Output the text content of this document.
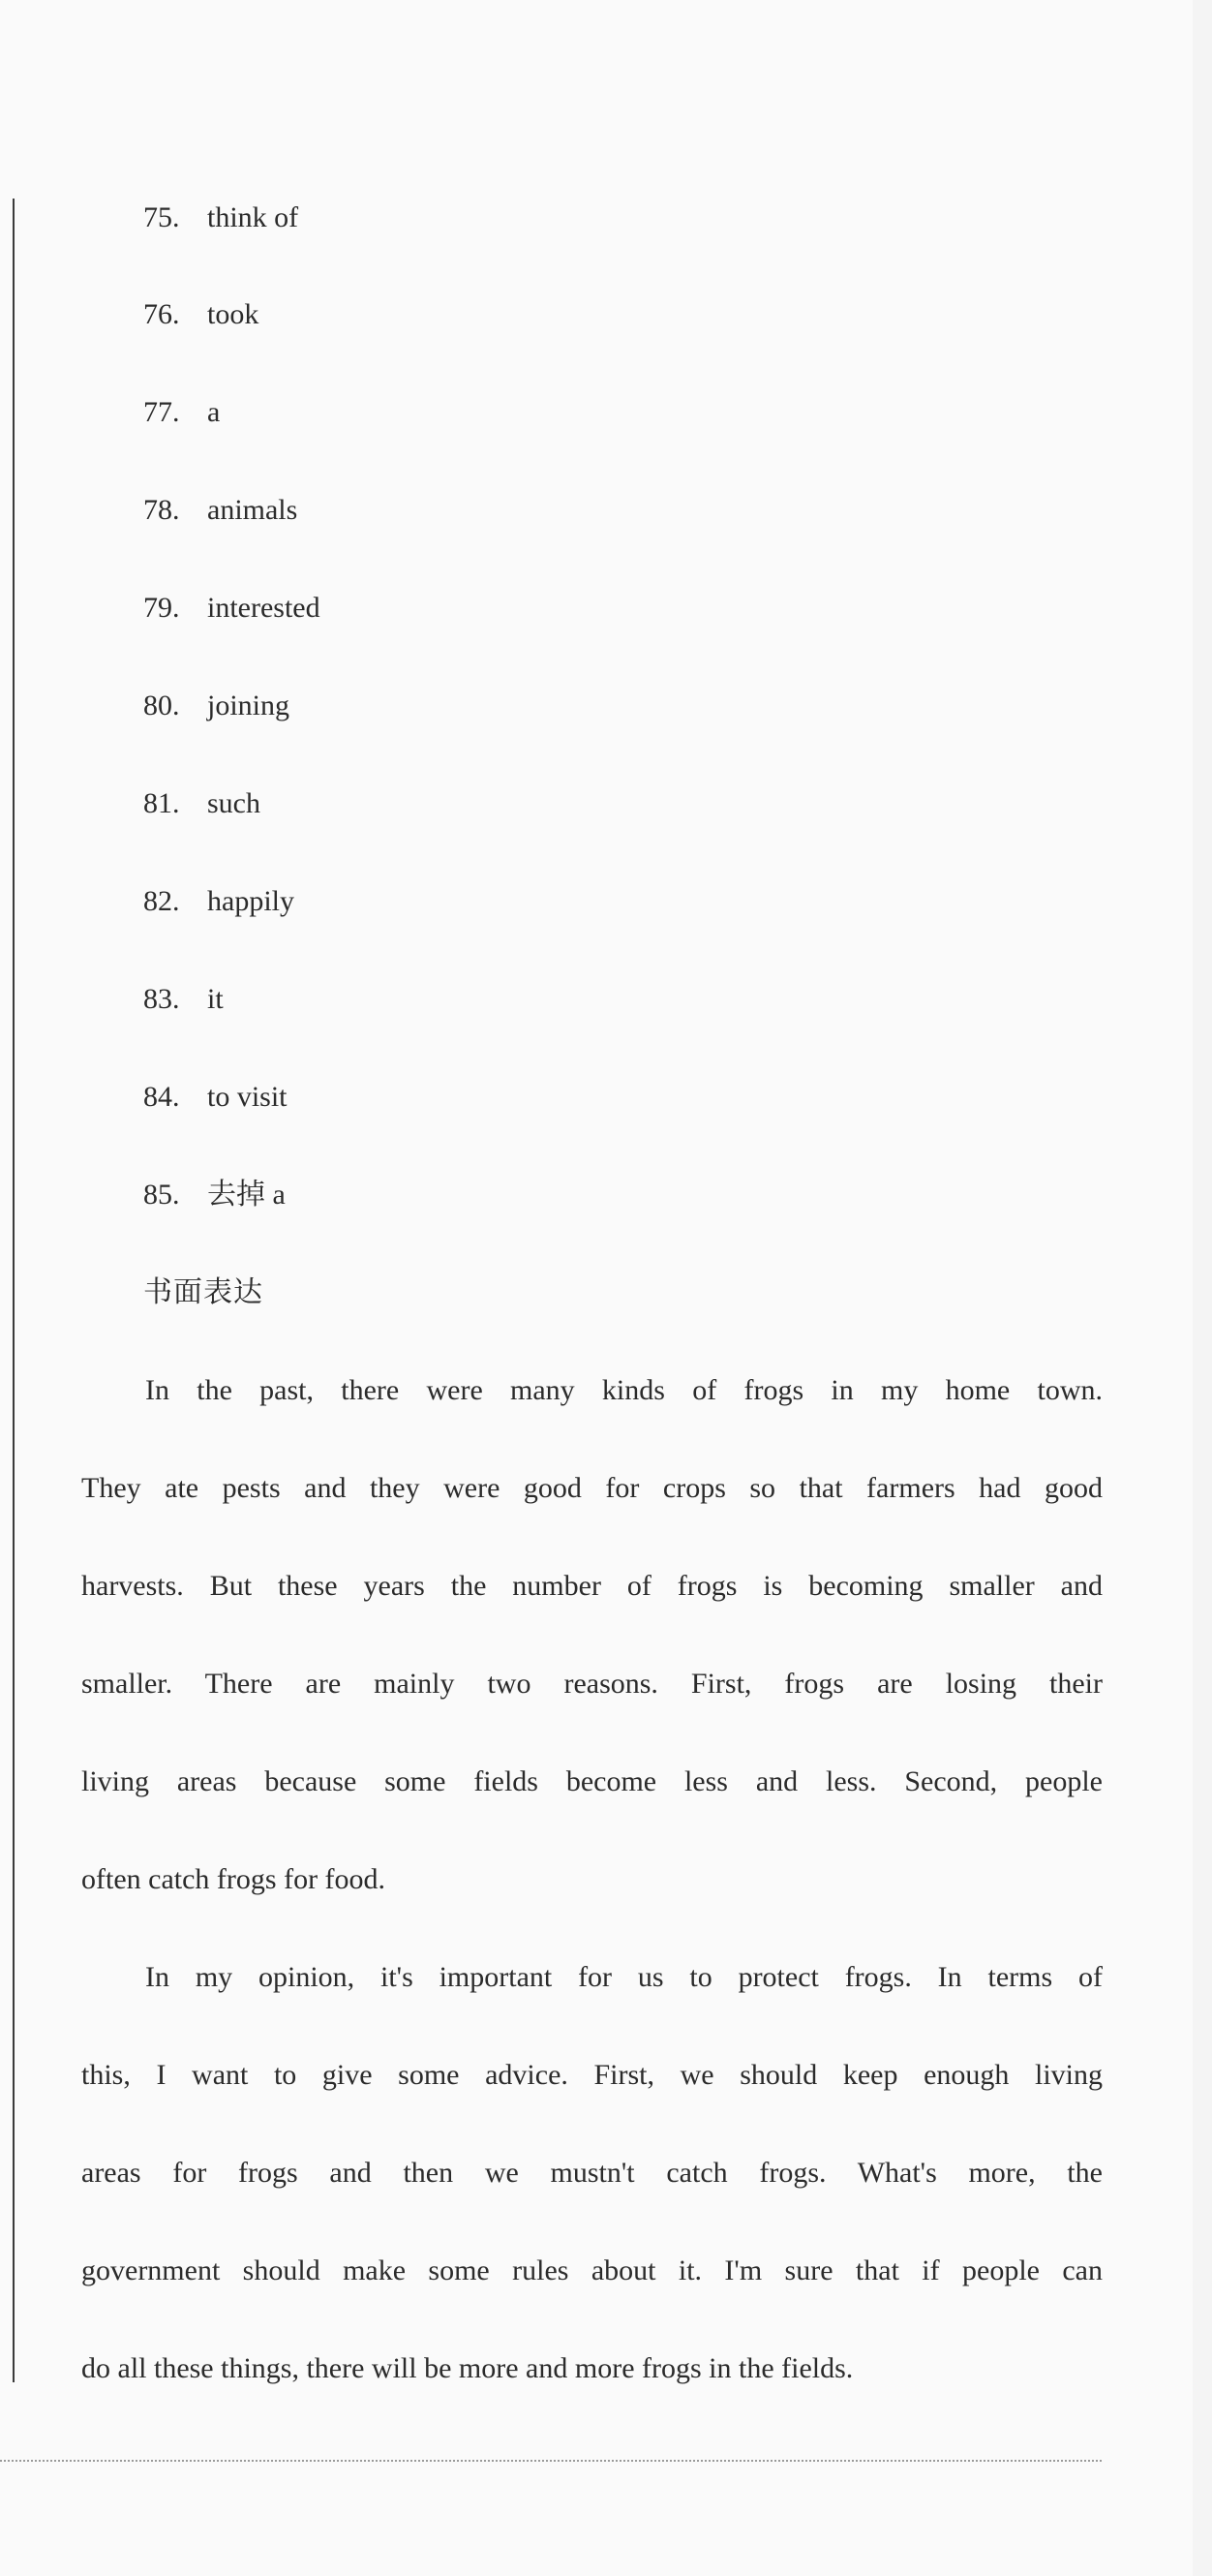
75. think of
76. took
77. a
78. animals
79. interested
80. joining
81. such
82. happily
83. it
84. to visit
85. 去掉 a
书面表达
In the past, there were many kinds of frogs in my home town.
They ate pests and they were good for crops so that farmers had good
harvests. But these years the number of frogs is becoming smaller and
smaller. There are mainly two reasons. First, frogs are losing their
living areas because some fields become less and less. Second, people
often catch frogs for food.
In my opinion, it's important for us to protect frogs. In terms of
this, I want to give some advice. First, we should keep enough living
areas for frogs and then we mustn't catch frogs. What's more, the
government should make some rules about it. I'm sure that if people can
do all these things, there will be more and more frogs in the fields.
